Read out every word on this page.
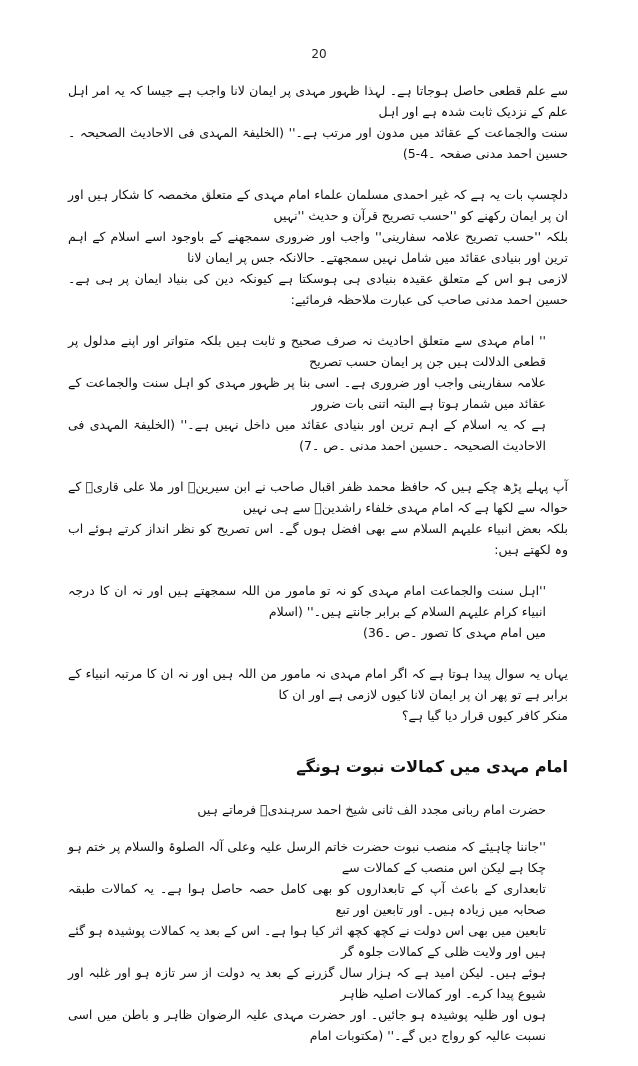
20
سے علم قطعی حاصل ہوجاتا ہے۔ لہذا ظہور مہدی پر ایمان لانا واجب ہے جیسا کہ یہ امر اہل علم کے نزدیک ثابت شدہ ہے اور اہل
سنت والجماعت کے عقائد میں مدون اور مرتب ہے۔'' (الخلیفۃ المہدی فی الاحادیث الصحیحہ ۔حسین احمد مدنی صفحہ ۔4-5)
دلچسپ بات یہ ہے کہ غیر احمدی مسلمان علماء امام مہدی کے متعلق مخمصہ کا شکار ہیں اور ان پر ایمان رکھنے کو ''حسب تصریح قرآن و حدیث ''نہیں
بلکہ ''حسب تصریح علامہ سفارینی'' واجب اور ضروری سمجھنے کے باوجود اسے اسلام کے اہم ترین اور بنیادی عقائد میں شامل نہیں سمجھتے۔ حالانکہ جس پر ایمان لانا
لازمی ہو اس کے متعلق عقیدہ بنیادی ہی ہوسکتا ہے کیونکہ دین کی بنیاد ایمان پر ہی ہے۔ حسین احمد مدنی صاحب کی عبارت ملاحظہ فرمائیے:
'' امام مہدی سے متعلق احادیث نہ صرف صحیح و ثابت ہیں بلکہ متواتر اور اپنے مدلول پر قطعی الدلالت ہیں جن پر ایمان حسب تصریح
علامہ سفارینی واجب اور ضروری ہے۔ اسی بنا پر ظہور مہدی کو اہل سنت والجماعت کے عقائد میں شمار ہوتا ہے البتہ اتنی بات ضرور
ہے کہ یہ اسلام کے اہم ترین اور بنیادی عقائد میں داخل نہیں ہے۔'' (الخلیفۃ المہدی فی الاحادیث الصحیحہ ۔حسین احمد مدنی ۔ص ۔7)
آپ پہلے پڑھ چکے ہیں کہ حافظ محمد ظفر اقبال صاحب نے ابن سیرینؒ اور ملا علی قاریؒ کے حوالہ سے لکھا ہے کہ امام مہدی خلفاء راشدینؓ سے ہی نہیں
بلکہ بعض انبیاء علیہم السلام سے بھی افضل ہوں گے۔ اس تصریح کو نظر انداز کرتے ہوئے اب وہ لکھتے ہیں:
''اہل سنت والجماعت امام مہدی کو نہ تو مامور من اللہ سمجھتے ہیں اور نہ ان کا درجہ انبیاء کرام علیہم السلام کے برابر جانتے ہیں۔'' (اسلام
میں امام مہدی کا تصور ۔ص ۔36)
یہاں یہ سوال پیدا ہوتا ہے کہ اگر امام مہدی نہ مامور من اللہ ہیں اور نہ ان کا مرتبہ انبیاء کے برابر ہے تو پھر ان پر ایمان لانا کیوں لازمی ہے اور ان کا
منکر کافر کیوں قرار دیا گیا ہے؟
امام مہدی میں کمالات نبوت ہونگے
حضرت امام ربانی مجدد الف ثانی شیخ احمد سرہندیؒ فرماتے ہیں
''جاننا چاہیئے کہ منصب نبوت حضرت خاتم الرسل علیہ وعلی آلہ الصلوۃ والسلام پر ختم ہو چکا ہے لیکن اس منصب کے کمالات سے
تابعداری کے باعث آپ کے تابعداروں کو بھی کامل حصہ حاصل ہوا ہے۔ یہ کمالات طبقہ صحابہ میں زیادہ ہیں۔ اور تابعین اور تبع
تابعین میں بھی اس دولت نے کچھ کچھ اثر کیا ہوا ہے۔ اس کے بعد یہ کمالات پوشیدہ ہو گئے ہیں اور ولایت ظلی کے کمالات جلوہ گر
ہوئے ہیں۔ لیکن امید ہے کہ ہزار سال گزرنے کے بعد یہ دولت از سر تازہ ہو اور غلبہ اور شیوع پیدا کرے۔ اور کمالات اصلیہ ظاہر
ہوں اور ظلیہ پوشیدہ ہو جائیں۔ اور حضرت مہدی علیہ الرضوان ظاہر و باطن میں اسی نسبت عالیہ کو رواج دیں گے۔'' (مکتوبات امام
